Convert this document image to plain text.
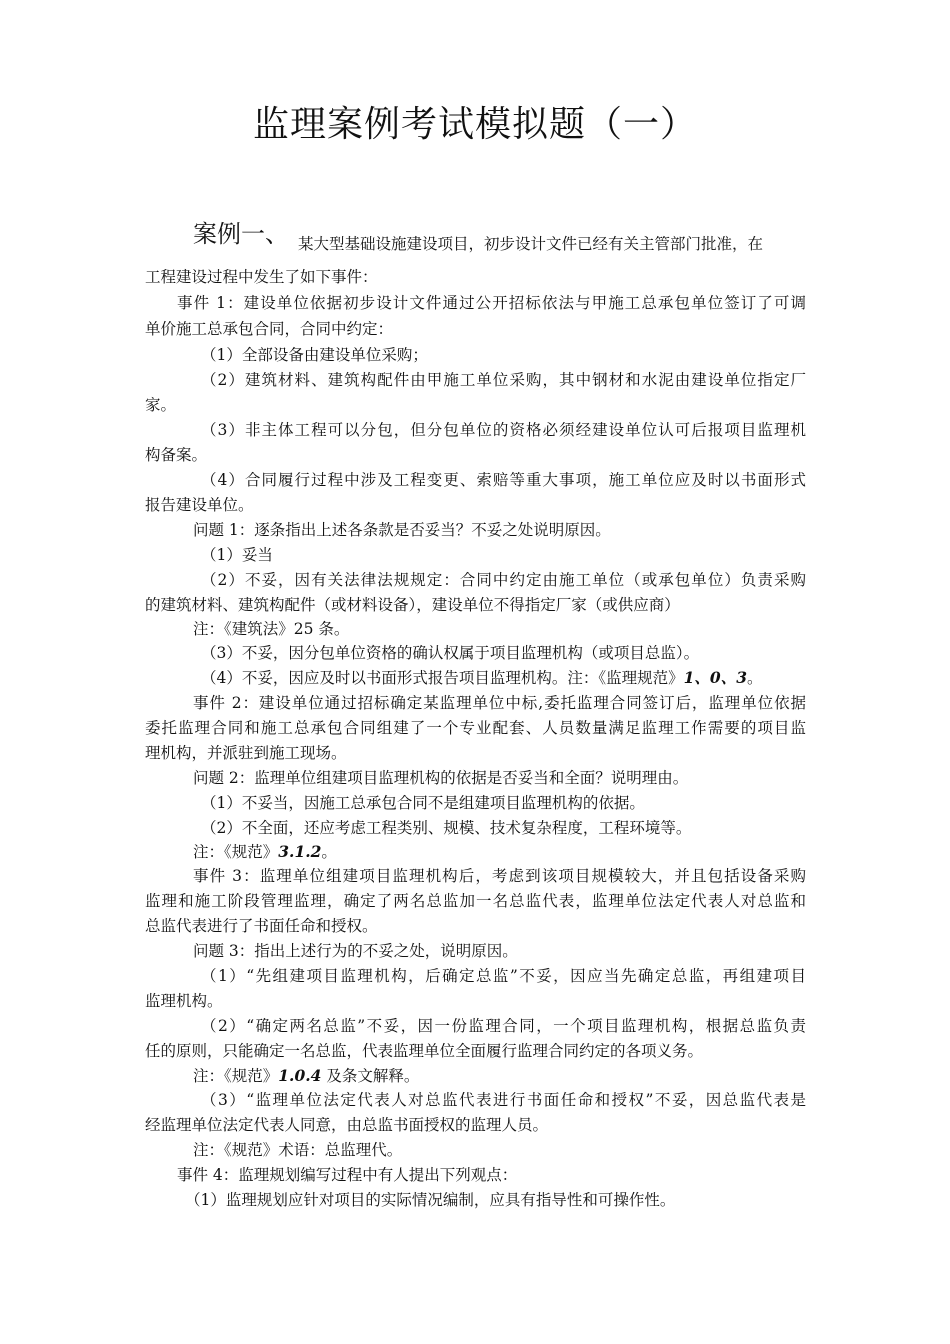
监理案例考试模拟题（一）
案例一、 某大型基础设施建设项目，初步设计文件已经有关主管部门批准，在
工程建设过程中发生了如下事件：
事件 1：建设单位依据初步设计文件通过公开招标依法与甲施工总承包单位签订了可调
单价施工总承包合同，合同中约定：
（1）全部设备由建设单位采购；
（2）建筑材料、建筑构配件由甲施工单位采购，其中钢材和水泥由建设单位指定厂
家。
（3）非主体工程可以分包，但分包单位的资格必须经建设单位认可后报项目监理机
构备案。
（4）合同履行过程中涉及工程变更、索赔等重大事项，施工单位应及时以书面形式
报告建设单位。
问题 1：逐条指出上述各条款是否妥当？不妥之处说明原因。
（1）妥当
（2）不妥，因有关法律法规规定：合同中约定由施工单位（或承包单位）负责采购
的建筑材料、建筑构配件（或材料设备），建设单位不得指定厂家（或供应商）
注：《建筑法》25 条。
（3）不妥，因分包单位资格的确认权属于项目监理机构（或项目总监）。
（4）不妥，因应及时以书面形式报告项目监理机构。注：《监理规范》1、0、3。
事件 2：建设单位通过招标确定某监理单位中标,委托监理合同签订后，监理单位依据
委托监理合同和施工总承包合同组建了一个专业配套、人员数量满足监理工作需要的项目监
理机构，并派驻到施工现场。
问题 2：监理单位组建项目监理机构的依据是否妥当和全面？说明理由。
（1）不妥当，因施工总承包合同不是组建项目监理机构的依据。
（2）不全面，还应考虑工程类别、规模、技术复杂程度，工程环境等。
注：《规范》3.1.2。
事件 3：监理单位组建项目监理机构后，考虑到该项目规模较大，并且包括设备采购
监理和施工阶段管理监理，确定了两名总监加一名总监代表，监理单位法定代表人对总监和
总监代表进行了书面任命和授权。
问题 3：指出上述行为的不妥之处，说明原因。
（1）“先组建项目监理机构，后确定总监”不妥，因应当先确定总监，再组建项目
监理机构。
（2）“确定两名总监”不妥，因一份监理合同，一个项目监理机构，根据总监负责
任的原则，只能确定一名总监，代表监理单位全面履行监理合同约定的各项义务。
注：《规范》1.0.4 及条文解释。
（3）“监理单位法定代表人对总监代表进行书面任命和授权”不妥，因总监代表是
经监理单位法定代表人同意，由总监书面授权的监理人员。
注：《规范》术语：总监理代。
事件 4：监理规划编写过程中有人提出下列观点：
（1）监理规划应针对项目的实际情况编制，应具有指导性和可操作性。
